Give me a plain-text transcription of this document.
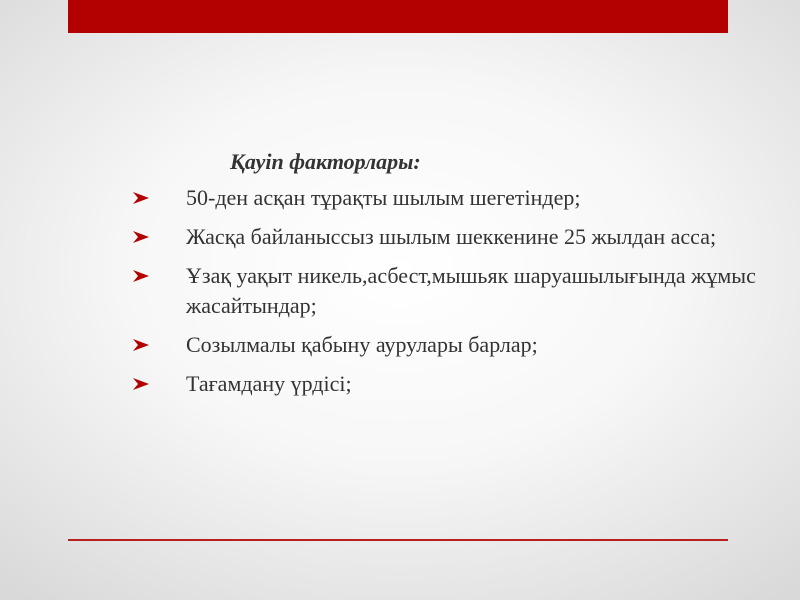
Қауіп факторлары:
50-ден асқан тұрақты шылым шегетіндер;
Жасқа байланыссыз шылым шеккенине 25 жылдан асса;
Ұзақ уақыт никель,асбест,мышьяк шаруашылығында жұмыс жасайтындар;
Созылмалы қабыну аурулары барлар;
Тағамдану үрдісі;
